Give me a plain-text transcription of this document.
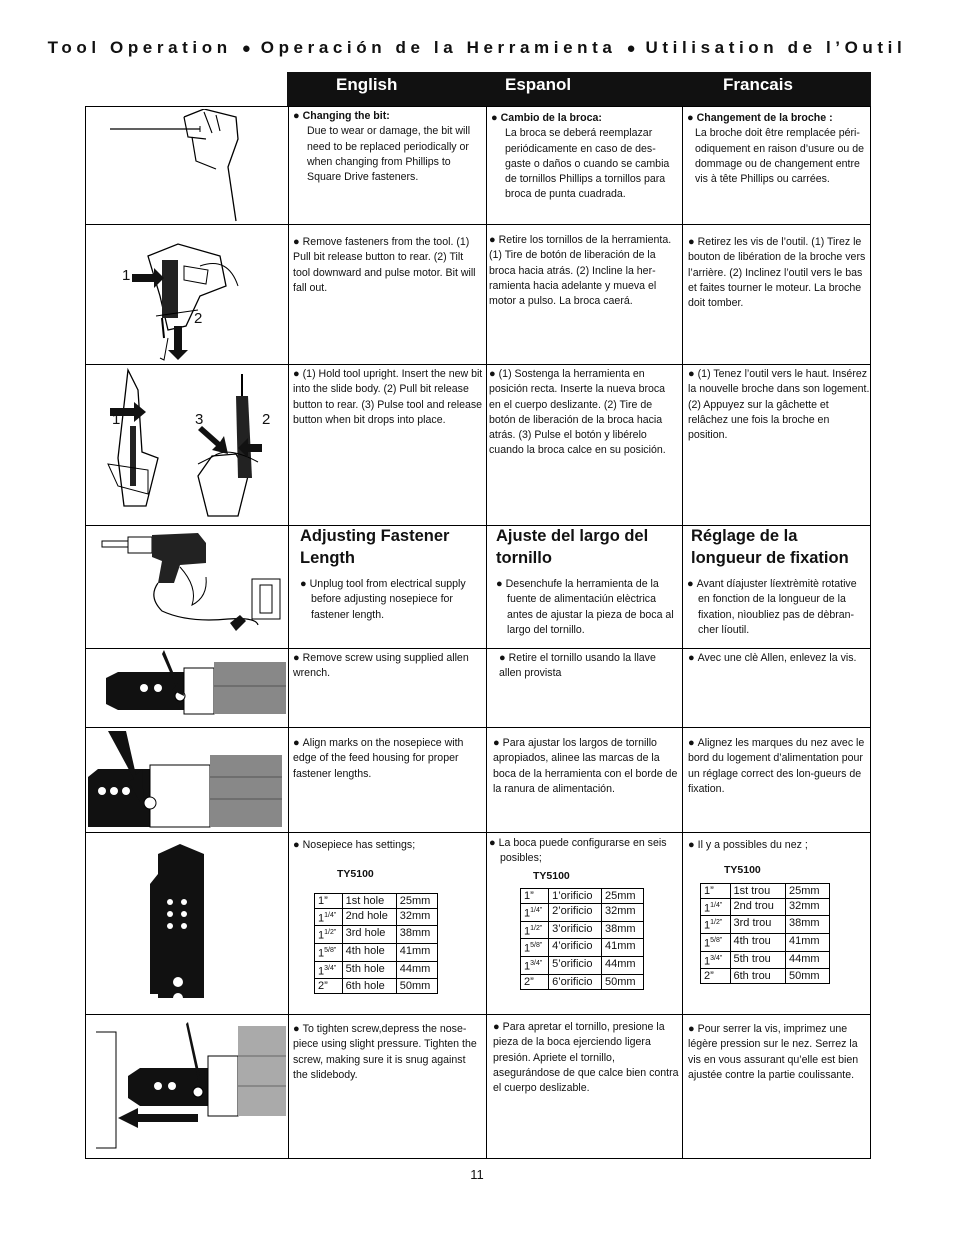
Tool Operation ● Operación de la Herramienta ● Utilisation de l’Outil
English	Espanol	Francais
1
2
1	3	2
● Changing the bit:
Due to wear or damage, the bit will need to be replaced periodically or when changing from Phillips to Square Drive fasteners.
● Cambio de la broca:
La broca se deberá reemplazar periódicamente en caso de des-gaste o daños o cuando se cambia de tornillos Phillips a tornillos para broca de punta cuadrada.
● Changement de la broche :
La broche doit être remplacée péri-odiquement en raison d’usure ou de dommage ou de changement entre vis à tête Phillips ou carrées.
● Remove fasteners from the tool. (1) Pull bit release button to rear. (2) Tilt tool downward and pulse motor. Bit will fall out.
● Retire los tornillos de la herramienta. (1) Tire de botón de liberación de la broca hacia atrás. (2) Incline la her-ramienta hacia adelante y mueva el motor a pulso. La broca caerá.
● Retirez les vis de l’outil. (1) Tirez le bouton de libération de la broche vers l’arrière. (2) Inclinez l’outil vers le bas et faites tourner le moteur. La broche doit tomber.
● (1) Hold tool upright. Insert the new bit into the slide body. (2) Pull bit release button to rear. (3) Pulse tool and release button when bit drops into place.
● (1) Sostenga la herramienta en posición recta. Inserte la nueva broca en el cuerpo deslizante. (2) Tire de botón de liberación de la broca hacia atrás. (3) Pulse el botón y libérelo cuando la broca calce en su posición.
● (1) Tenez l’outil vers le haut. Insérez la nouvelle broche dans son logement. (2) Appuyez sur la gâchette et relâchez une fois la broche en position.
Adjusting Fastener Length
● Unplug tool from electrical supply before adjusting nosepiece for fastener length.
Ajuste del largo del tornillo
● Desenchufe la herramienta de la fuente de alimentaciún elèctrica antes de ajustar la pieza de boca al largo del tornillo.
Réglage de la longueur de fixation
● Avant díajuster líextrèmitè rotative en fonction de la longueur de la fixation, nìoubliez pas de dèbran-cher líoutil.
● Remove screw using supplied allen wrench.
● Retire el tornillo usando la llave allen provista
● Avec une clè Allen, enlevez la vis.
● Align marks on the nosepiece with edge of the feed housing for proper fastener lengths.
● Para ajustar los largos de tornillo apropiados, alinee las marcas de la boca de la herramienta con el borde de la ranura de alimentación.
● Alignez les marques du nez avec le bord du logement d’alimentation pour un réglage correct des lon-gueurs de fixation.
● Nosepiece has settings;
TY5100
1”	1st hole	25mm
$1^{1/4”}$	2nd hole	32mm
$1^{1/2”}$	3rd hole	38mm
$1^{5/8”}$	4th hole	41mm
$1^{3/4”}$	5th hole	44mm
2”	6th hole	50mm
● La boca puede configurarse en seis posibles;
TY5100
1”	1’orificio	25mm
$1^{1/4”}$	2’orificio	32mm
$1^{1/2”}$	3’orificio	38mm
$1^{5/8”}$	4’orificio	41mm
$1^{3/4”}$	5’orificio	44mm
2”	6’orificio	50mm
● Il y a possibles du nez ;
TY5100
1”	1st trou	25mm
$1^{1/4”}$	2nd trou	32mm
$1^{1/2”}$	3rd trou	38mm
$1^{5/8”}$	4th trou	41mm
$1^{3/4”}$	5th trou	44mm
2”	6th trou	50mm
● To tighten screw,depress the nose-piece using slight pressure. Tighten the screw, making sure it is snug against the slidebody.
● Para apretar el tornillo, presione la pieza de la boca ejerciendo ligera presión. Apriete el tornillo, asegurándose de que calce bien contra el cuerpo deslizable.
● Pour serrer la vis, imprimez une légère pression sur le nez. Serrez la vis en vous assurant qu’elle est bien ajustée contre la partie coulissante.
11
